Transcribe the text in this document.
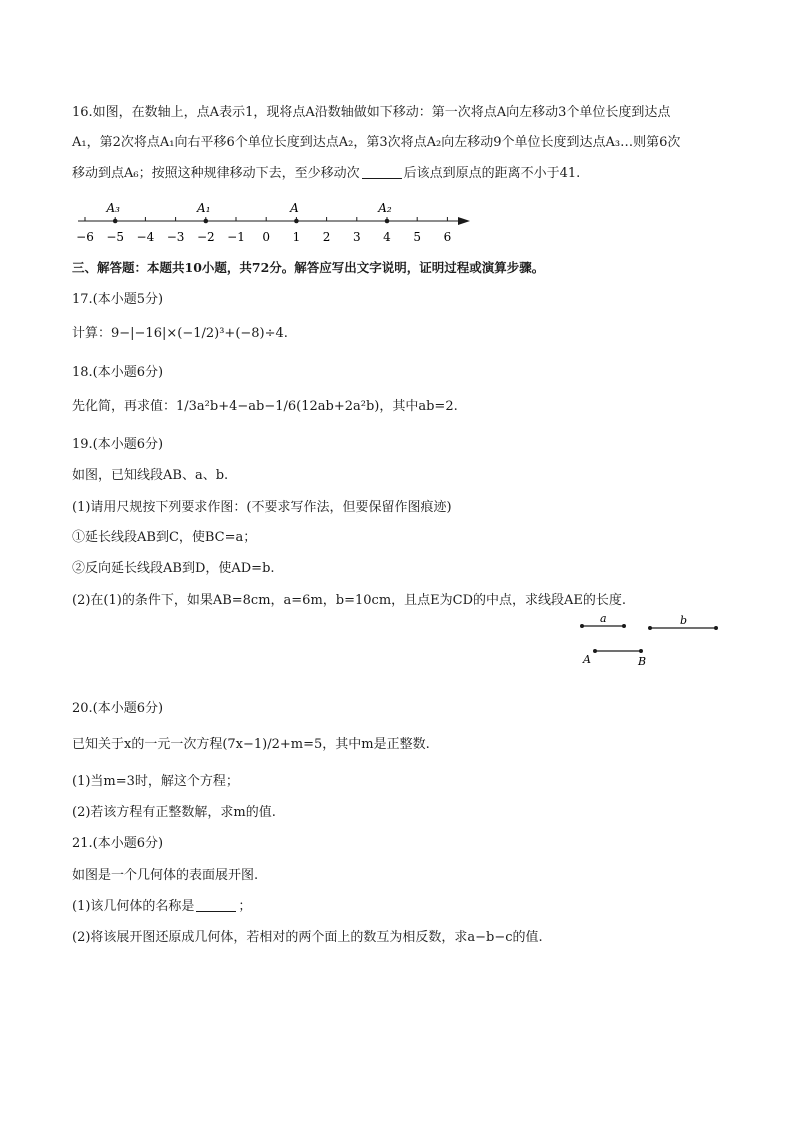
16.如图，在数轴上，点A表示1，现将点A沿数轴做如下移动：第一次将点A向左移动3个单位长度到达点
A₁，第2次将点A₁向右平移6个单位长度到达点A₂，第3次将点A₂向左移动9个单位长度到达点A₃…则第6次
移动到点A₆；按照这种规律移动下去，至少移动次	后该点到原点的距离不小于41.
−6 −5 −4 −3 −2 −1 0 1 2 3 4 5 6
A₃	A₁	A	A₂
三、解答题：本题共10小题，共72分。解答应写出文字说明，证明过程或演算步骤。
17.(本小题5分)
计算：9−|−16|×(−1/2)³+(−8)÷4.
18.(本小题6分)
先化简，再求值：1/3a²b+4−ab−1/6(12ab+2a²b)，其中ab=2.
19.(本小题6分)
如图，已知线段AB、a、b.
(1)请用尺规按下列要求作图：(不要求写作法，但要保留作图痕迹)
①延长线段AB到C，使BC=a；
②反向延长线段AB到D，使AD=b.
(2)在(1)的条件下，如果AB=8cm，a=6m，b=10cm，且点E为CD的中点，求线段AE的长度.
a	b
A	B
20.(本小题6分)
已知关于x的一元一次方程(7x−1)/2+m=5，其中m是正整数.
(1)当m=3时，解这个方程；
(2)若该方程有正整数解，求m的值.
21.(本小题6分)
如图是一个几何体的表面展开图.
(1)该几何体的名称是	；
(2)将该展开图还原成几何体，若相对的两个面上的数互为相反数，求a−b−c的值.
